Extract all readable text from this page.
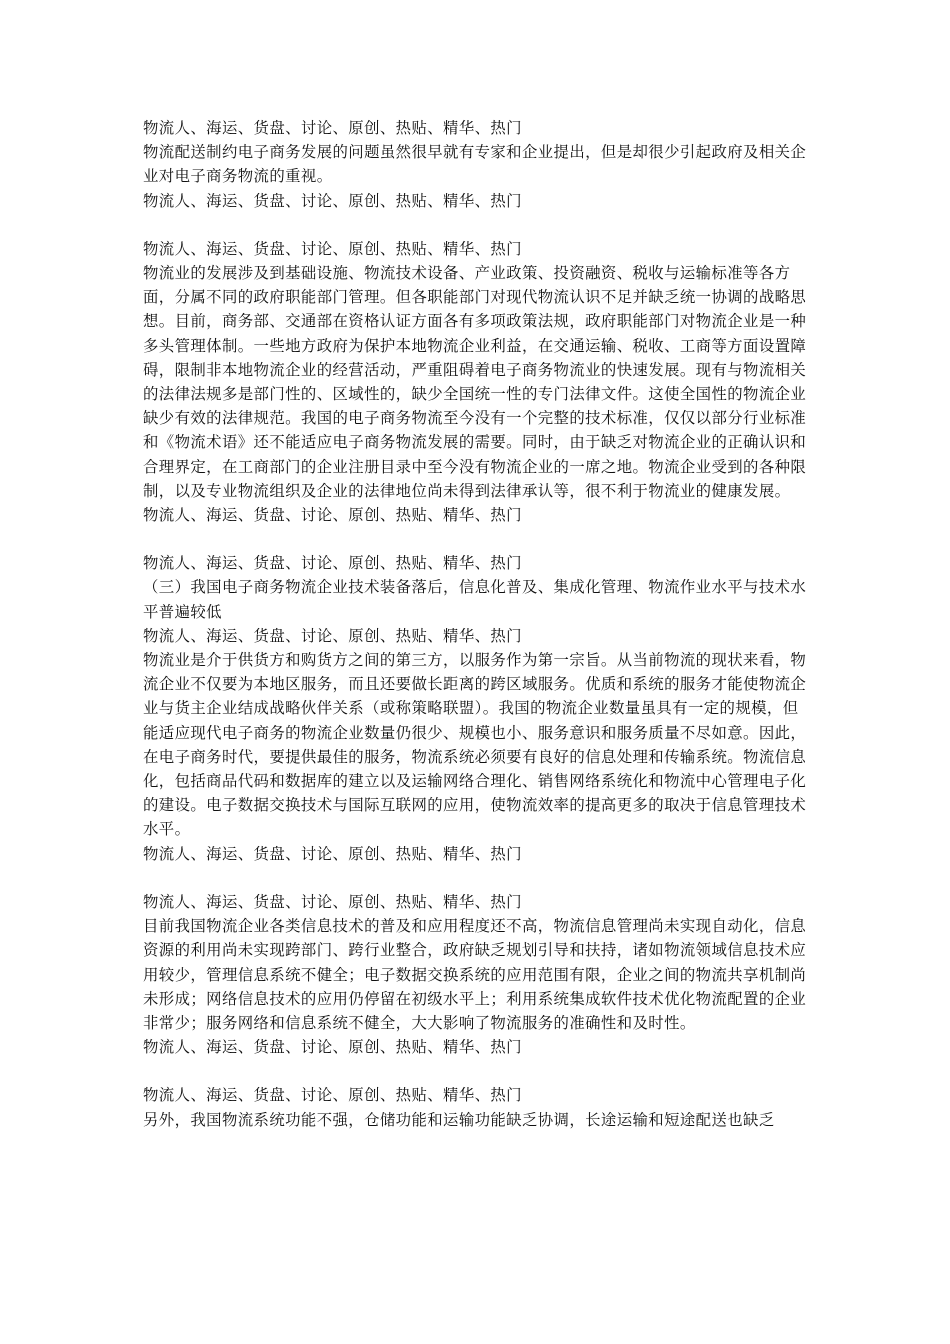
物流人、海运、货盘、讨论、原创、热贴、精华、热门

物流配送制约电子商务发展的问题虽然很早就有专家和企业提出，但是却很少引起政府及相关企业对电子商务物流的重视。

物流人、海运、货盘、讨论、原创、热贴、精华、热门

物流人、海运、货盘、讨论、原创、热贴、精华、热门

物流业的发展涉及到基础设施、物流技术设备、产业政策、投资融资、税收与运输标准等各方面，分属不同的政府职能部门管理。但各职能部门对现代物流认识不足并缺乏统一协调的战略思想。目前，商务部、交通部在资格认证方面各有多项政策法规，政府职能部门对物流企业是一种多头管理体制。一些地方政府为保护本地物流企业利益，在交通运输、税收、工商等方面设置障碍，限制非本地物流企业的经营活动，严重阻碍着电子商务物流业的快速发展。现有与物流相关的法律法规多是部门性的、区域性的，缺少全国统一性的专门法律文件。这使全国性的物流企业缺少有效的法律规范。我国的电子商务物流至今没有一个完整的技术标准，仅仅以部分行业标准和《物流术语》还不能适应电子商务物流发展的需要。同时，由于缺乏对物流企业的正确认识和合理界定，在工商部门的企业注册目录中至今没有物流企业的一席之地。物流企业受到的各种限制，以及专业物流组织及企业的法律地位尚未得到法律承认等，很不利于物流业的健康发展。

物流人、海运、货盘、讨论、原创、热贴、精华、热门

物流人、海运、货盘、讨论、原创、热贴、精华、热门

（三）我国电子商务物流企业技术装备落后，信息化普及、集成化管理、物流作业水平与技术水平普遍较低

物流人、海运、货盘、讨论、原创、热贴、精华、热门

物流业是介于供货方和购货方之间的第三方，以服务作为第一宗旨。从当前物流的现状来看，物流企业不仅要为本地区服务，而且还要做长距离的跨区域服务。优质和系统的服务才能使物流企业与货主企业结成战略伙伴关系（或称策略联盟）。我国的物流企业数量虽具有一定的规模，但能适应现代电子商务的物流企业数量仍很少、规模也小、服务意识和服务质量不尽如意。因此，在电子商务时代，要提供最佳的服务，物流系统必须要有良好的信息处理和传输系统。物流信息化，包括商品代码和数据库的建立以及运输网络合理化、销售网络系统化和物流中心管理电子化的建设。电子数据交换技术与国际互联网的应用，使物流效率的提高更多的取决于信息管理技术水平。

物流人、海运、货盘、讨论、原创、热贴、精华、热门

物流人、海运、货盘、讨论、原创、热贴、精华、热门

目前我国物流企业各类信息技术的普及和应用程度还不高，物流信息管理尚未实现自动化，信息资源的利用尚未实现跨部门、跨行业整合，政府缺乏规划引导和扶持，诸如物流领域信息技术应用较少，管理信息系统不健全；电子数据交换系统的应用范围有限，企业之间的物流共享机制尚未形成；网络信息技术的应用仍停留在初级水平上；利用系统集成软件技术优化物流配置的企业非常少；服务网络和信息系统不健全，大大影响了物流服务的准确性和及时性。

物流人、海运、货盘、讨论、原创、热贴、精华、热门

物流人、海运、货盘、讨论、原创、热贴、精华、热门

另外，我国物流系统功能不强，仓储功能和运输功能缺乏协调，长途运输和短途配送也缺乏
